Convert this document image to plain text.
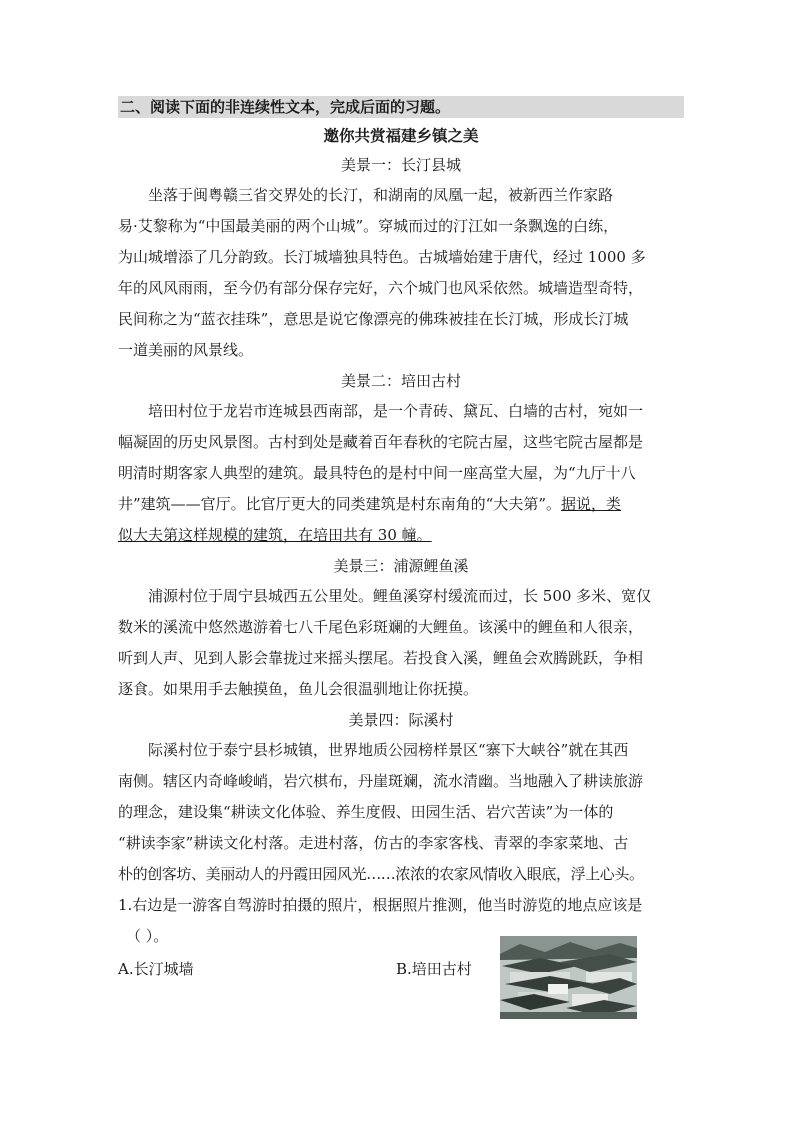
二、阅读下面的非连续性文本，完成后面的习题。
邀你共赏福建乡镇之美
美景一：长汀县城
坐落于闽粤赣三省交界处的长汀，和湖南的凤凰一起，被新西兰作家路
易·艾黎称为“中国最美丽的两个山城”。穿城而过的汀江如一条飘逸的白练，
为山城增添了几分韵致。长汀城墙独具特色。古城墙始建于唐代，经过 1000 多
年的风风雨雨，至今仍有部分保存完好，六个城门也风采依然。城墙造型奇特，
民间称之为“蓝衣挂珠”，意思是说它像漂亮的佛珠被挂在长汀城，形成长汀城
一道美丽的风景线。
美景二：培田古村
培田村位于龙岩市连城县西南部，是一个青砖、黛瓦、白墙的古村，宛如一
幅凝固的历史风景图。古村到处是藏着百年春秋的宅院古屋，这些宅院古屋都是
明清时期客家人典型的建筑。最具特色的是村中间一座高堂大屋，为“九厅十八
井”建筑——官厅。比官厅更大的同类建筑是村东南角的“大夫第”。据说，类
似大夫第这样规模的建筑，在培田共有 30 幢。
美景三：浦源鲤鱼溪
浦源村位于周宁县城西五公里处。鲤鱼溪穿村缓流而过，长 500 多米、宽仅
数米的溪流中悠然遨游着七八千尾色彩斑斓的大鲤鱼。该溪中的鲤鱼和人很亲，
听到人声、见到人影会靠拢过来摇头摆尾。若投食入溪，鲤鱼会欢腾跳跃，争相
逐食。如果用手去触摸鱼，鱼儿会很温驯地让你抚摸。
美景四：际溪村
际溪村位于泰宁县杉城镇，世界地质公园榜样景区“寨下大峡谷”就在其西
南侧。辖区内奇峰峻峭，岩穴棋布，丹崖斑斓，流水清幽。当地融入了耕读旅游
的理念，建设集“耕读文化体验、养生度假、田园生活、岩穴苦读”为一体的
“耕读李家”耕读文化村落。走进村落，仿古的李家客栈、青翠的李家菜地、古
朴的创客坊、美丽动人的丹霞田园风光……浓浓的农家风情收入眼底，浮上心头。
1.右边是一游客自驾游时拍摄的照片，根据照片推测，他当时游览的地点应该是
（ ）。
A.长汀城墙	B.培田古村
